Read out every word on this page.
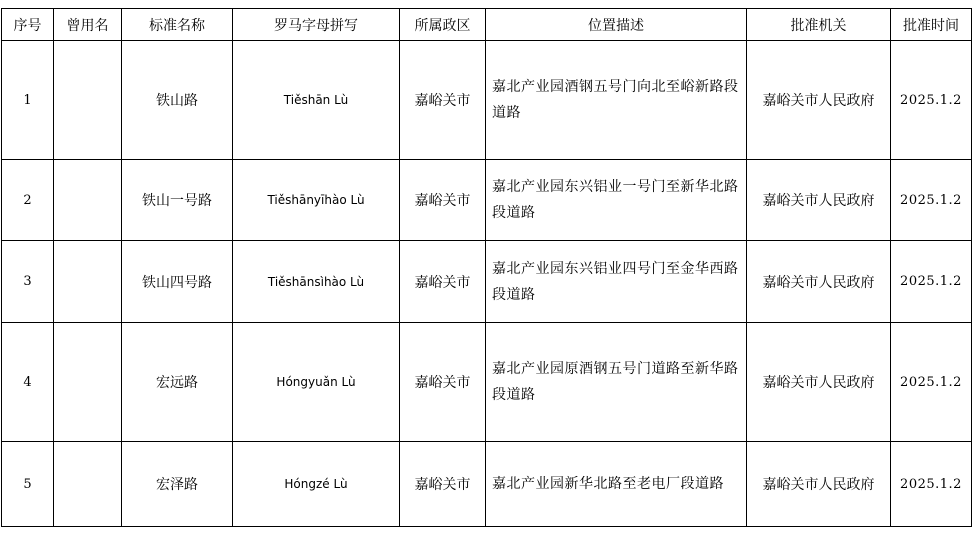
序号	曾用名	标准名称	罗马字母拼写	所属政区	位置描述	批准机关	批准时间
1		铁山路	Tiěshān Lù	嘉峪关市	嘉北产业园酒钢五号门向北至峪新路段道路	嘉峪关市人民政府	2025.1.2
2		铁山一号路	Tiěshānyīhào Lù	嘉峪关市	嘉北产业园东兴铝业一号门至新华北路段道路	嘉峪关市人民政府	2025.1.2
3		铁山四号路	Tiěshānsìhào Lù	嘉峪关市	嘉北产业园东兴铝业四号门至金华西路段道路	嘉峪关市人民政府	2025.1.2
4		宏远路	Hóngyuǎn Lù	嘉峪关市	嘉北产业园原酒钢五号门道路至新华路段道路	嘉峪关市人民政府	2025.1.2
5		宏泽路	Hóngzé Lù	嘉峪关市	嘉北产业园新华北路至老电厂段道路	嘉峪关市人民政府	2025.1.2
